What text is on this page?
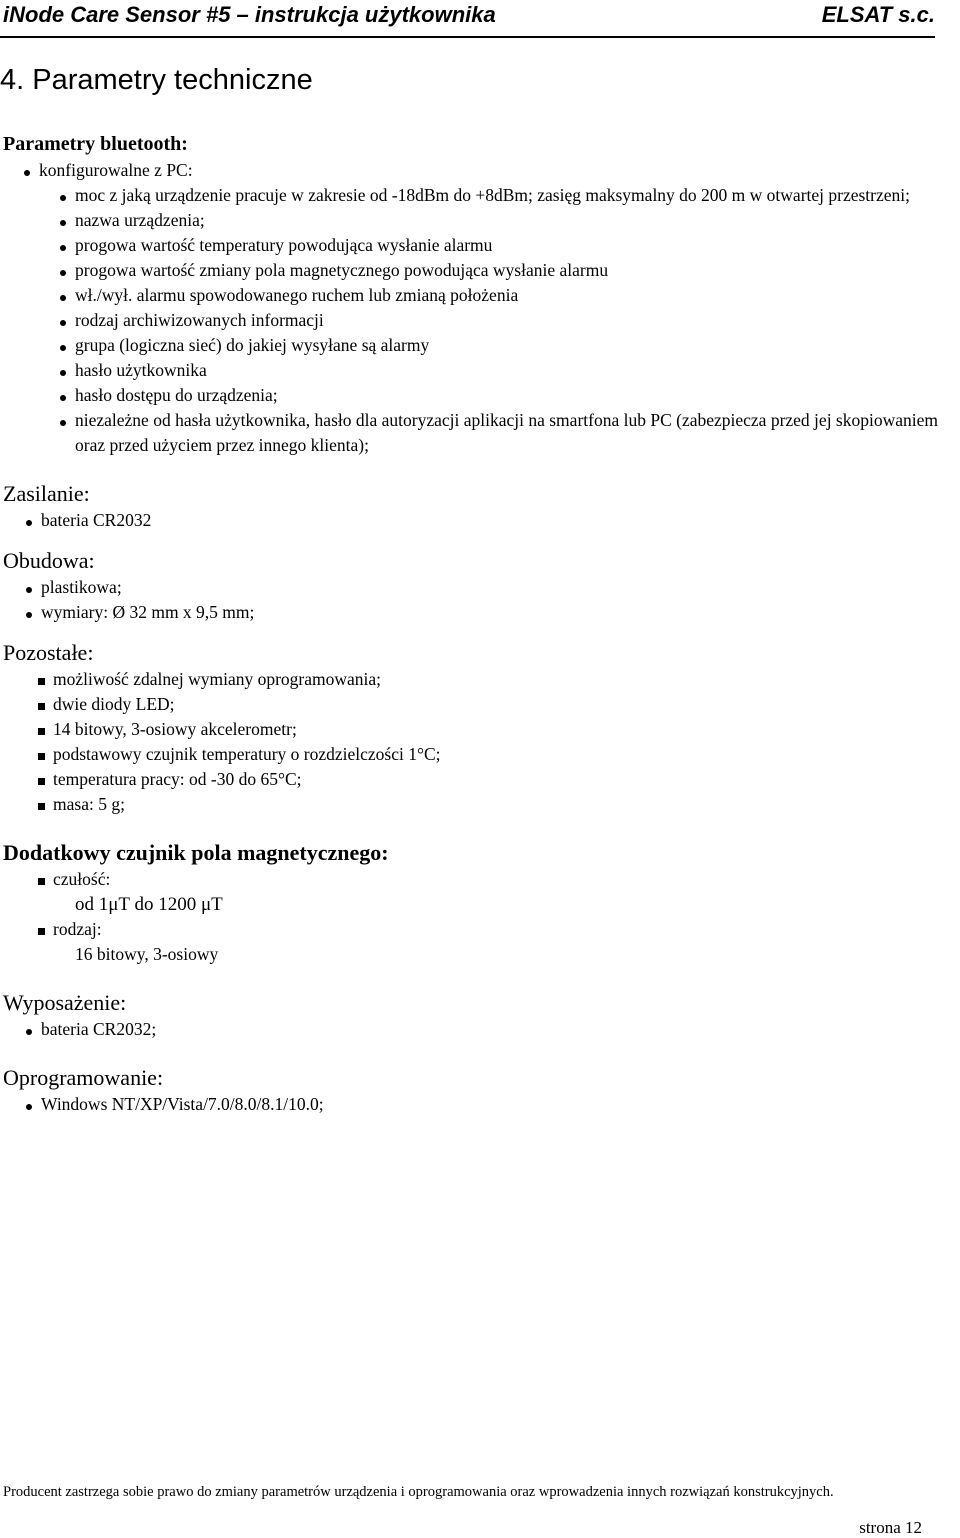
iNode Care Sensor #5 – instrukcja użytkownika	ELSAT s.c.
4. Parametry techniczne
Parametry bluetooth:
konfigurowalne z PC:
moc z jaką urządzenie pracuje w zakresie od -18dBm do +8dBm; zasięg maksymalny do 200 m w otwartej przestrzeni;
nazwa urządzenia;
progowa wartość temperatury powodująca wysłanie alarmu
progowa wartość zmiany pola magnetycznego powodująca wysłanie alarmu
wł./wył. alarmu spowodowanego ruchem lub zmianą położenia
rodzaj archiwizowanych informacji
grupa (logiczna sieć) do jakiej wysyłane są alarmy
hasło użytkownika
hasło dostępu do urządzenia;
niezależne od hasła użytkownika, hasło dla autoryzacji aplikacji na smartfona lub PC (zabezpiecza przed jej skopiowaniem oraz przed użyciem przez innego klienta);
Zasilanie:
bateria CR2032
Obudowa:
plastikowa;
wymiary: Ø 32 mm x 9,5 mm;
Pozostałe:
możliwość zdalnej wymiany oprogramowania;
dwie diody LED;
14 bitowy, 3-osiowy akcelerometr;
podstawowy czujnik temperatury o rozdzielczości 1°C;
temperatura pracy: od -30 do 65°C;
masa: 5 g;
Dodatkowy czujnik pola magnetycznego:
czułość:
od 1μT do 1200 μT
rodzaj:
16 bitowy, 3-osiowy
Wyposażenie:
bateria CR2032;
Oprogramowanie:
Windows NT/XP/Vista/7.0/8.0/8.1/10.0;
Producent zastrzega sobie prawo do zmiany parametrów urządzenia i oprogramowania oraz wprowadzenia innych rozwiązań konstrukcyjnych.
strona 12
